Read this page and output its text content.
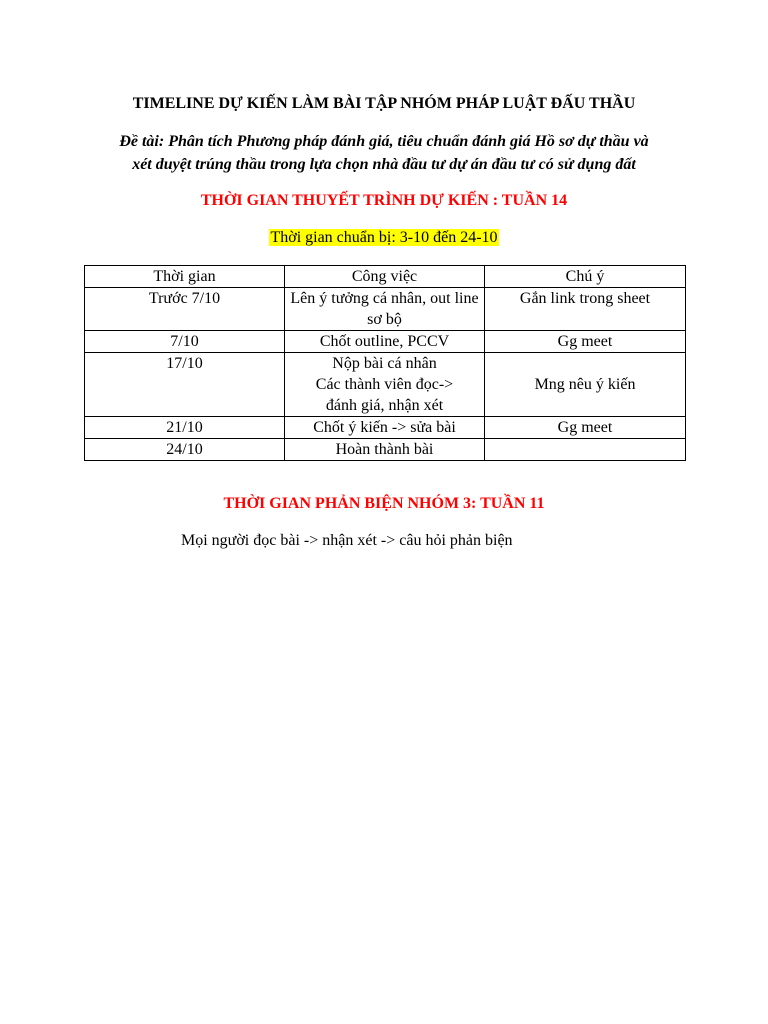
TIMELINE DỰ KIẾN LÀM BÀI TẬP NHÓM PHÁP LUẬT ĐẤU THẦU
Đề tài: Phân tích Phương pháp đánh giá, tiêu chuẩn đánh giá Hồ sơ dự thầu và
xét duyệt trúng thầu trong lựa chọn nhà đầu tư dự án đầu tư có sử dụng đất
THỜI GIAN THUYẾT TRÌNH DỰ KIẾN : TUẦN 14
Thời gian chuẩn bị: 3-10 đến 24-10
Thời gian	Công việc	Chú ý
Trước 7/10	Lên ý tưởng cá nhân, out line sơ bộ	Gắn link trong sheet
7/10	Chốt outline, PCCV	Gg meet
17/10	Nộp bài cá nhân
Các thành viên đọc->
đánh giá, nhận xét	Mng nêu ý kiến
21/10	Chốt ý kiến -> sửa bài	Gg meet
24/10	Hoàn thành bài	

THỜI GIAN PHẢN BIỆN NHÓM 3: TUẦN 11
Mọi người đọc bài -> nhận xét -> câu hỏi phản biện
